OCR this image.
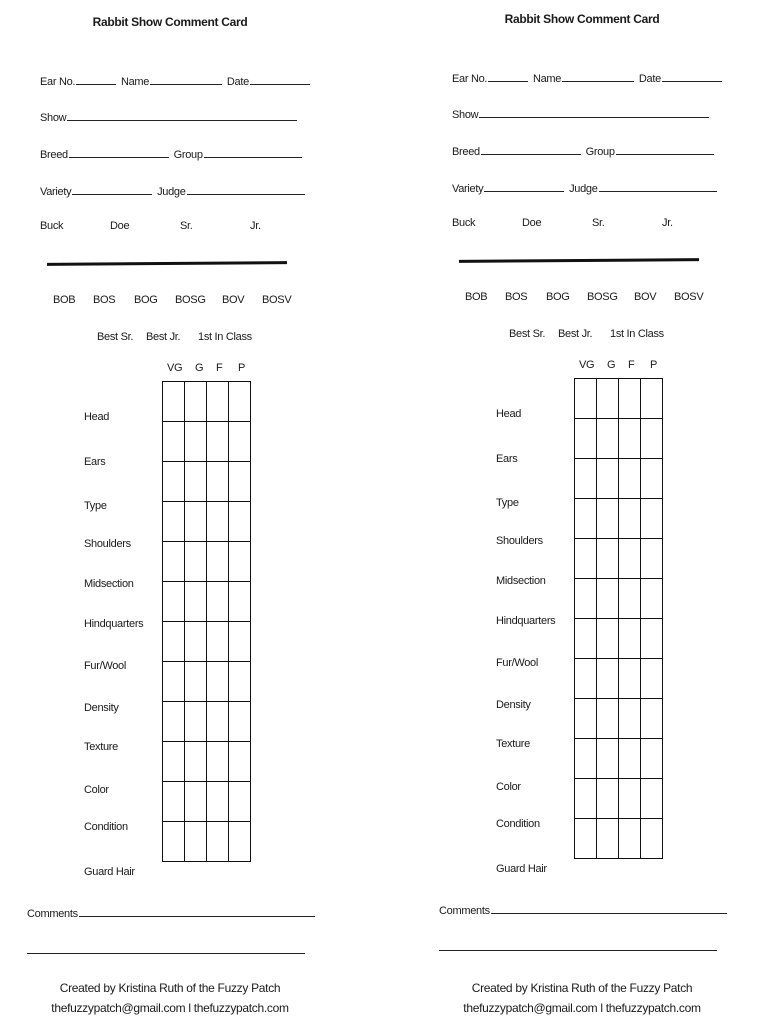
Rabbit Show Comment Card
Ear No.	Name	Date
Show
Breed	Group
Variety	Judge
Buck	Doe	Sr.	Jr.
BOB BOS BOG BOSG BOV BOSV
Best Sr. Best Jr. 1st In Class
VG G F P

Head
Ears
Type
Shoulders
Midsection
Hindquarters
Fur/Wool
Density
Texture
Color
Condition
Guard Hair
Comments
Created by Kristina Ruth of the Fuzzy Patch
thefuzzypatch@gmail.com l thefuzzypatch.com
Rabbit Show Comment Card
Ear No.	Name	Date
Show
Breed	Group
Variety	Judge
Buck	Doe	Sr.	Jr.
BOB BOS BOG BOSG BOV BOSV
Best Sr. Best Jr. 1st In Class
VG G F P

Head
Ears
Type
Shoulders
Midsection
Hindquarters
Fur/Wool
Density
Texture
Color
Condition
Guard Hair
Comments
Created by Kristina Ruth of the Fuzzy Patch
thefuzzypatch@gmail.com l thefuzzypatch.com
